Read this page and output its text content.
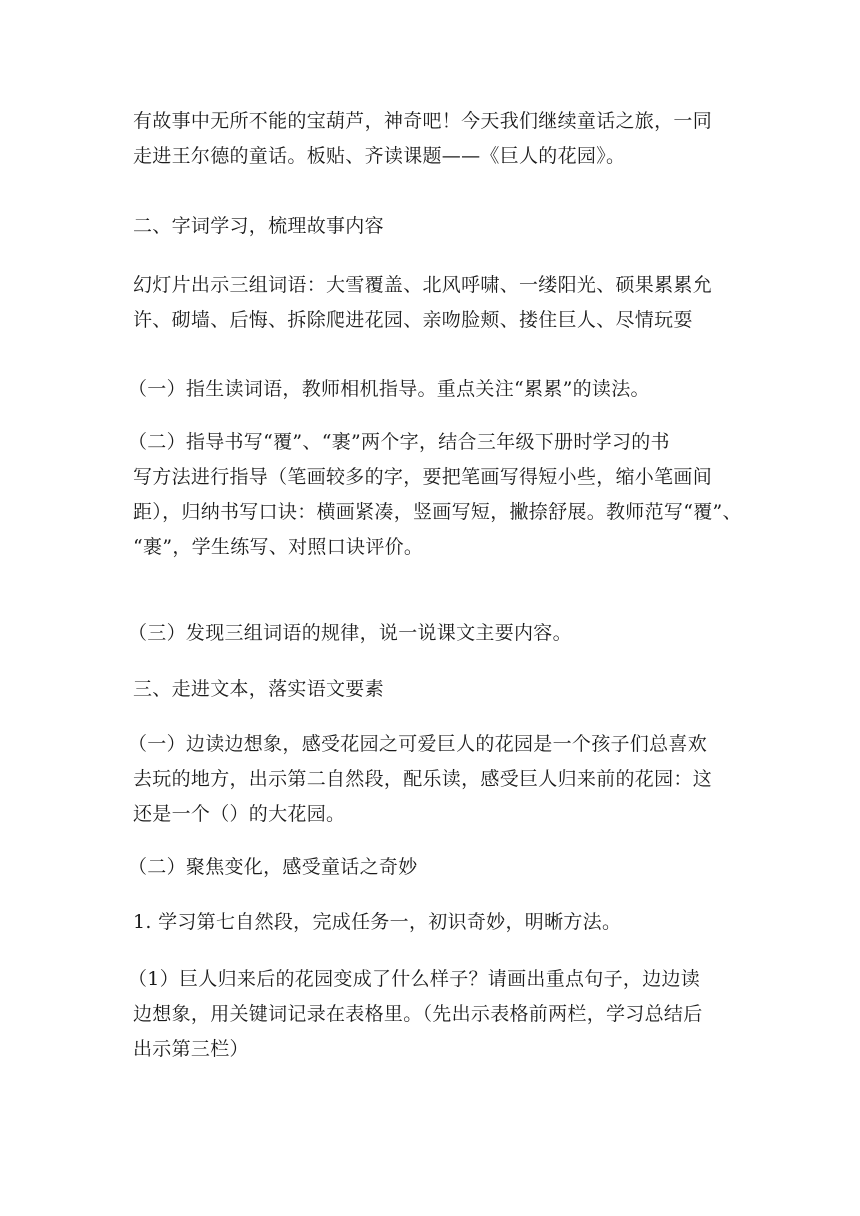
有故事中无所不能的宝葫芦，神奇吧！今天我们继续童话之旅，一同
走进王尔德的童话。板贴、齐读课题——《巨人的花园》。
二、字词学习，梳理故事内容
幻灯片出示三组词语：大雪覆盖、北风呼啸、一缕阳光、硕果累累允
许、砌墙、后悔、拆除爬进花园、亲吻脸颊、搂住巨人、尽情玩耍
（一）指生读词语，教师相机指导。重点关注“累累”的读法。
（二）指导书写“覆”、“裹”两个字，结合三年级下册时学习的书
写方法进行指导（笔画较多的字，要把笔画写得短小些，缩小笔画间
距），归纳书写口诀：横画紧凑，竖画写短，撇捺舒展。教师范写“覆”、
“裹”，学生练写、对照口诀评价。
（三）发现三组词语的规律，说一说课文主要内容。
三、走进文本，落实语文要素
（一）边读边想象，感受花园之可爱巨人的花园是一个孩子们总喜欢
去玩的地方，出示第二自然段，配乐读，感受巨人归来前的花园：这
还是一个（）的大花园。
（二）聚焦变化，感受童话之奇妙
1. 学习第七自然段，完成任务一，初识奇妙，明晰方法。
（1）巨人归来后的花园变成了什么样子？请画出重点句子，边边读
边想象，用关键词记录在表格里。（先出示表格前两栏，学习总结后
出示第三栏）
